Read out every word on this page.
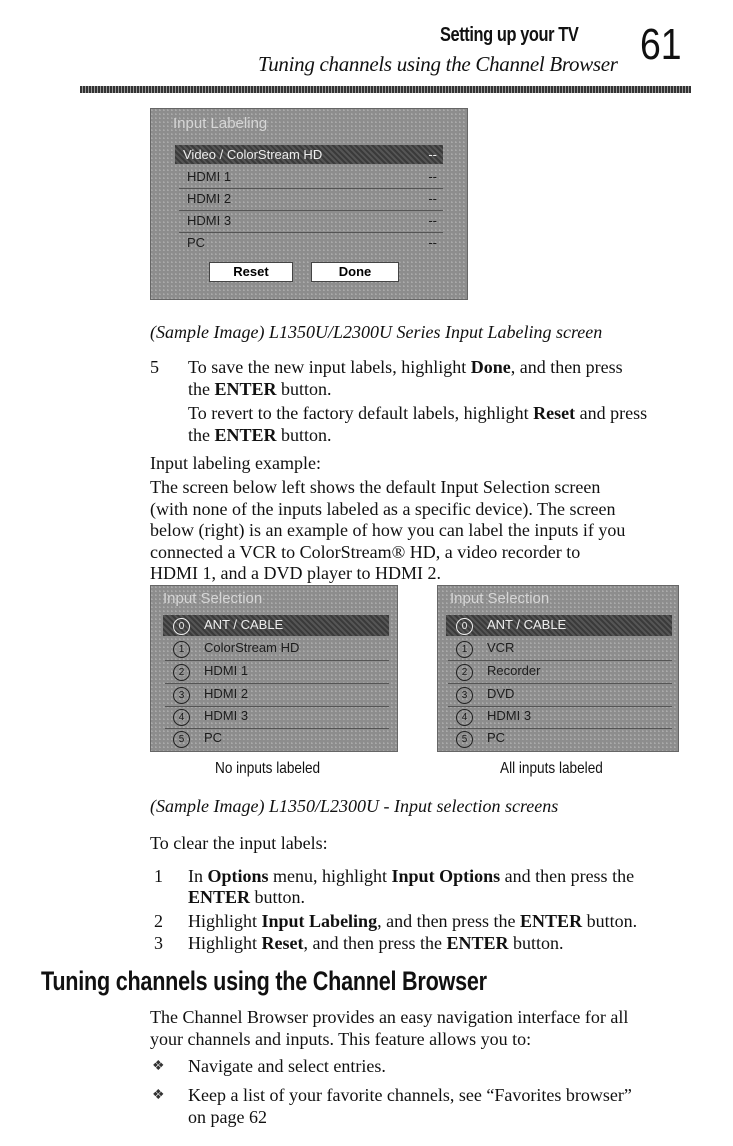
Setting up your TV
Tuning channels using the Channel Browser 61
Input Labeling
Video / ColorStream HD	--
HDMI 1	--
HDMI 2	--
HDMI 3	--
PC	--
Reset	Done
(Sample Image) L1350U/L2300U Series Input Labeling screen
5 To save the new input labels, highlight Done, and then press
the ENTER button.
To revert to the factory default labels, highlight Reset and press
the ENTER button.
Input labeling example:
The screen below left shows the default Input Selection screen
(with none of the inputs labeled as a specific device). The screen
below (right) is an example of how you can label the inputs if you
connected a VCR to ColorStream® HD, a video recorder to
HDMI 1, and a DVD player to HDMI 2.
Input Selection
0 ANT / CABLE
1 ColorStream HD
2 HDMI 1
3 HDMI 2
4 HDMI 3
5 PC
No inputs labeled
Input Selection
0 ANT / CABLE
1 VCR
2 Recorder
3 DVD
4 HDMI 3
5 PC
All inputs labeled
(Sample Image) L1350/L2300U - Input selection screens
To clear the input labels:
1 In Options menu, highlight Input Options and then press the
ENTER button.
2 Highlight Input Labeling, and then press the ENTER button.
3 Highlight Reset, and then press the ENTER button.
Tuning channels using the Channel Browser
The Channel Browser provides an easy navigation interface for all
your channels and inputs. This feature allows you to:
❖ Navigate and select entries.
❖ Keep a list of your favorite channels, see “Favorites browser”
on page 62
